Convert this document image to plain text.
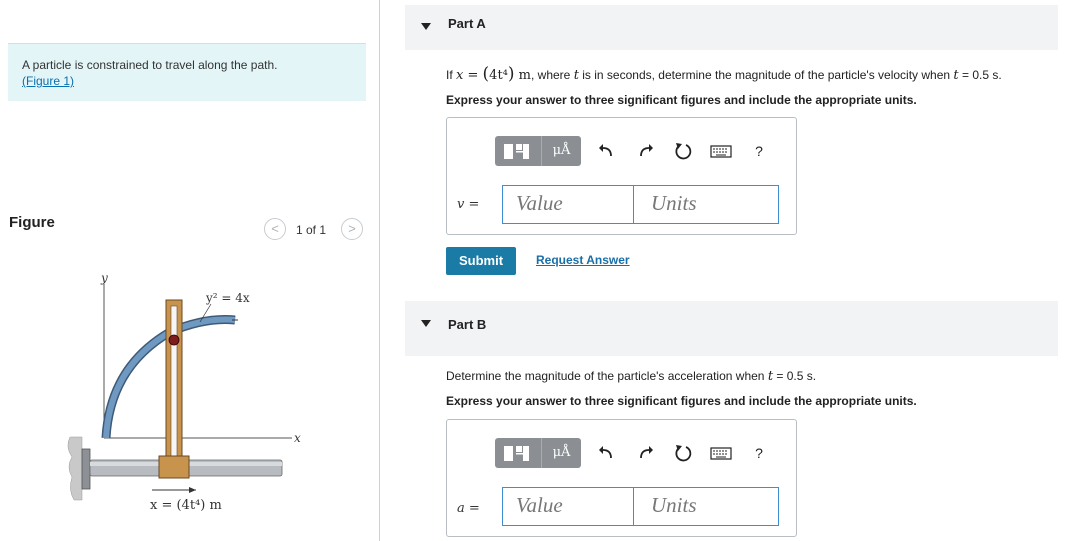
A particle is constrained to travel along the path.
(Figure 1)
Figure	<	1 of 1	>
y
x
y² = 4x
x = (4t⁴) m
Part A
If x = (4t⁴) m, where t is in seconds, determine the magnitude of the particle's velocity when t = 0.5 s.
Express your answer to three significant figures and include the appropriate units.
μÅ	?
v =	Value	Units
Submit	Request Answer
Part B
Determine the magnitude of the particle's acceleration when t = 0.5 s.
Express your answer to three significant figures and include the appropriate units.
μÅ	?
a =	Value	Units
